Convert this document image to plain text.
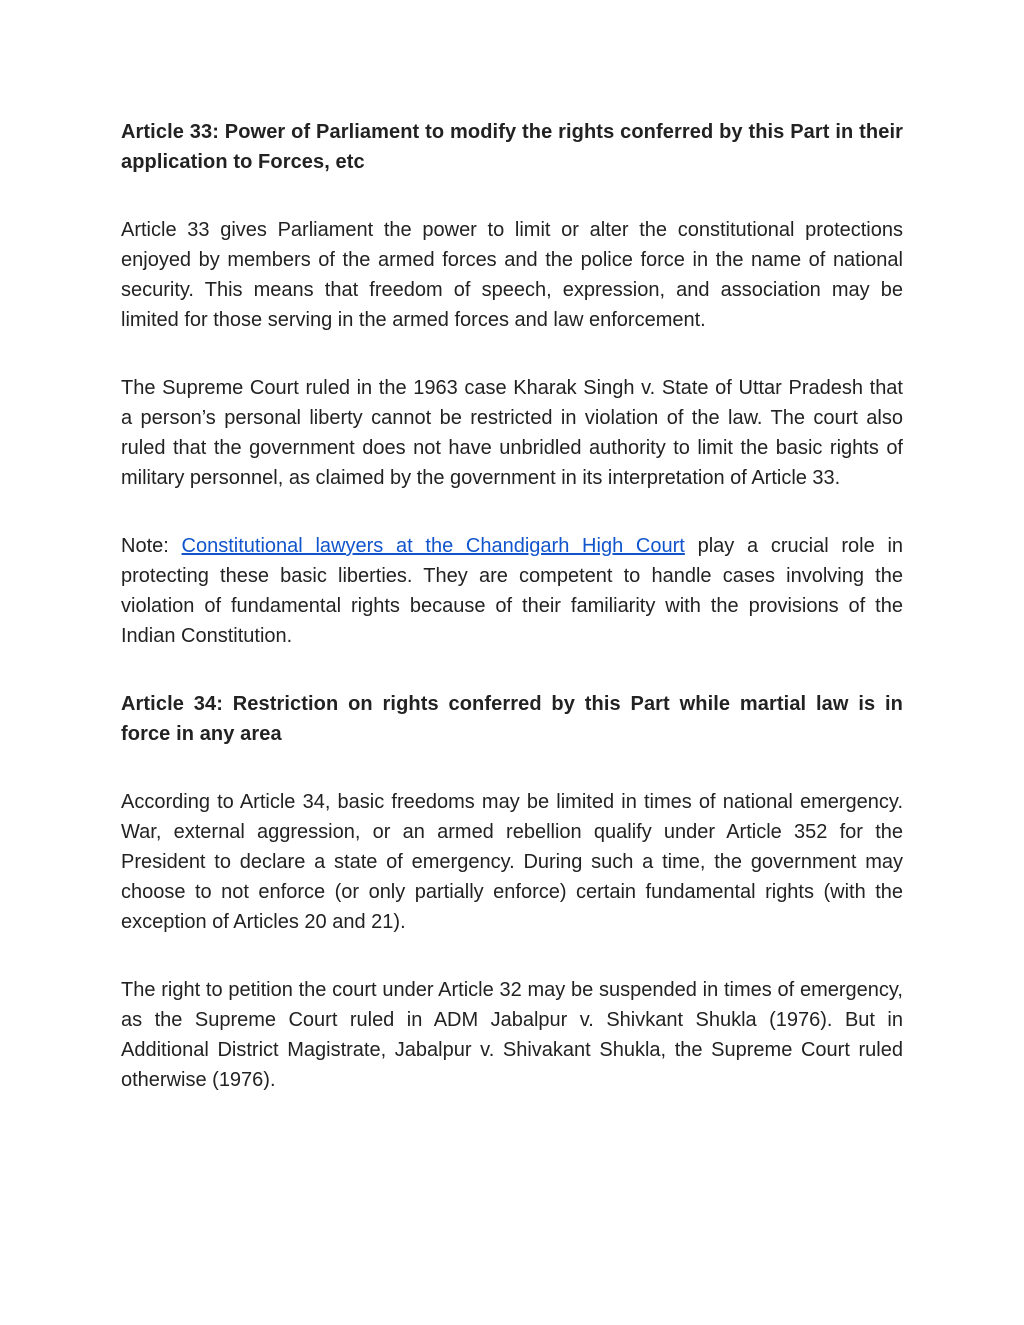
Article 33: Power of Parliament to modify the rights conferred by this Part in their application to Forces, etc

Article 33 gives Parliament the power to limit or alter the constitutional protections enjoyed by members of the armed forces and the police force in the name of national security. This means that freedom of speech, expression, and association may be limited for those serving in the armed forces and law enforcement.

The Supreme Court ruled in the 1963 case Kharak Singh v. State of Uttar Pradesh that a person’s personal liberty cannot be restricted in violation of the law. The court also ruled that the government does not have unbridled authority to limit the basic rights of military personnel, as claimed by the government in its interpretation of Article 33.

Note: Constitutional lawyers at the Chandigarh High Court play a crucial role in protecting these basic liberties. They are competent to handle cases involving the violation of fundamental rights because of their familiarity with the provisions of the Indian Constitution.

Article 34: Restriction on rights conferred by this Part while martial law is in force in any area

According to Article 34, basic freedoms may be limited in times of national emergency. War, external aggression, or an armed rebellion qualify under Article 352 for the President to declare a state of emergency. During such a time, the government may choose to not enforce (or only partially enforce) certain fundamental rights (with the exception of Articles 20 and 21).

The right to petition the court under Article 32 may be suspended in times of emergency, as the Supreme Court ruled in ADM Jabalpur v. Shivkant Shukla (1976). But in Additional District Magistrate, Jabalpur v. Shivakant Shukla, the Supreme Court ruled otherwise (1976).
